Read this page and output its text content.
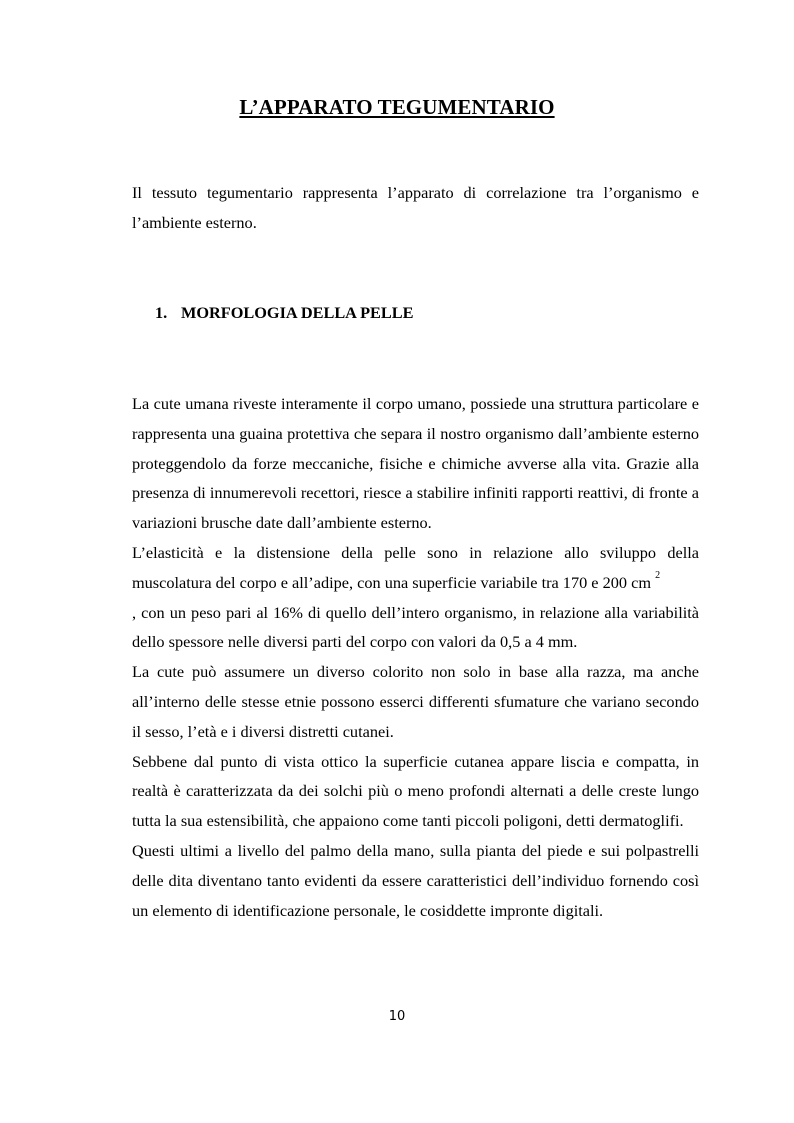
L’APPARATO TEGUMENTARIO

Il tessuto tegumentario rappresenta l’apparato di correlazione tra l’organismo e l’ambiente esterno.

1. MORFOLOGIA DELLA PELLE

La cute umana riveste interamente il corpo umano, possiede una struttura particolare e rappresenta una guaina protettiva che separa il nostro organismo dall’ambiente esterno proteggendolo da forze meccaniche, fisiche e chimiche avverse alla vita. Grazie alla presenza di innumerevoli recettori, riesce a stabilire infiniti rapporti reattivi, di fronte a variazioni brusche date dall’ambiente esterno.

L’elasticità e la distensione della pelle sono in relazione allo sviluppo della muscolatura del corpo e all’adipe, con una superficie variabile tra 170 e 200 cm $^2$
, con un peso pari al 16% di quello dell’intero organismo, in relazione alla variabilità dello spessore nelle diversi parti del corpo con valori da 0,5 a 4 mm.

La cute può assumere un diverso colorito non solo in base alla razza, ma anche all’interno delle stesse etnie possono esserci differenti sfumature che variano secondo il sesso, l’età e i diversi distretti cutanei.

Sebbene dal punto di vista ottico la superficie cutanea appare liscia e compatta, in realtà è caratterizzata da dei solchi più o meno profondi alternati a delle creste lungo tutta la sua estensibilità, che appaiono come tanti piccoli poligoni, detti dermatoglifi.

Questi ultimi a livello del palmo della mano, sulla pianta del piede e sui polpastrelli delle dita diventano tanto evidenti da essere caratteristici dell’individuo fornendo così un elemento di identificazione personale, le cosiddette impronte digitali.

10
